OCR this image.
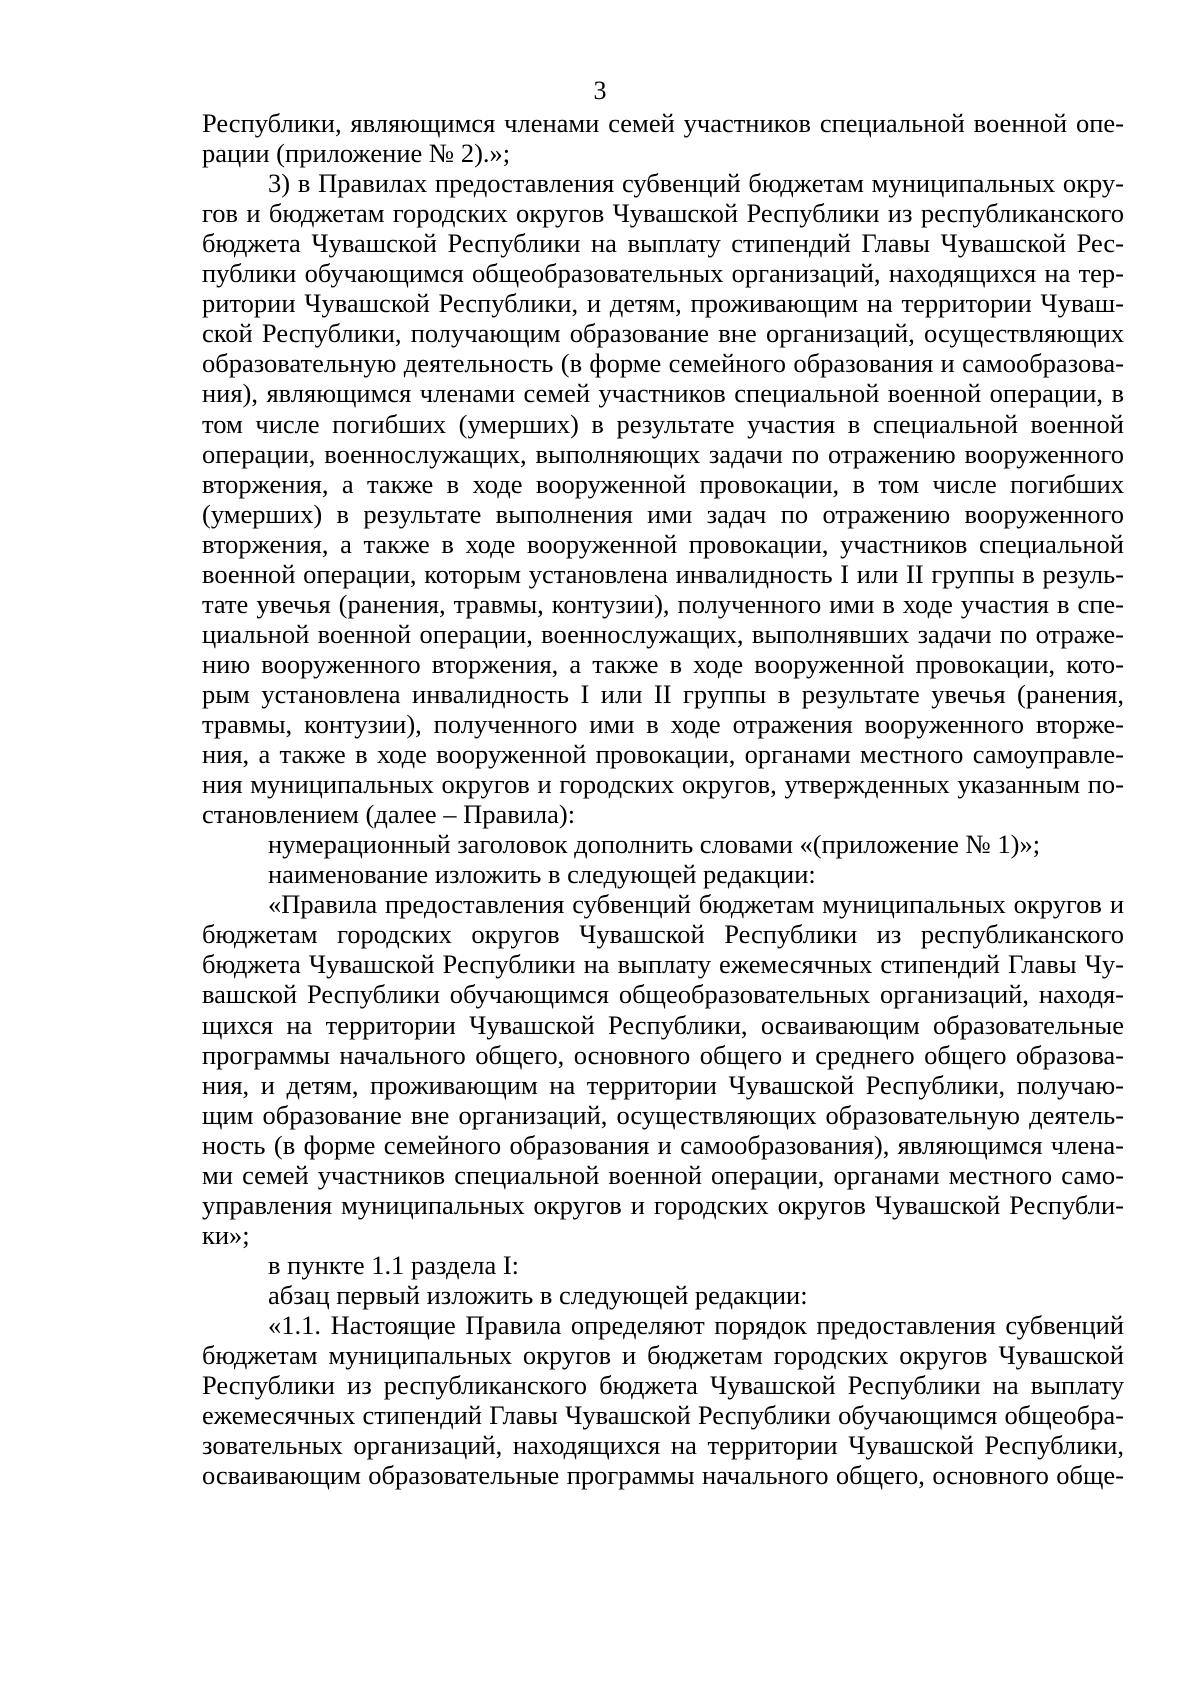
3
Республики, являющимся членами семей участников специальной военной опе-
рации (приложение № 2).»;
3) в Правилах предоставления субвенций бюджетам муниципальных окру-
гов и бюджетам городских округов Чувашской Республики из республиканского
бюджета Чувашской Республики на выплату стипендий Главы Чувашской Рес-
публики обучающимся общеобразовательных организаций, находящихся на тер-
ритории Чувашской Республики, и детям, проживающим на территории Чуваш-
ской Республики, получающим образование вне организаций, осуществляющих
образовательную деятельность (в форме семейного образования и самообразова-
ния), являющимся членами семей участников специальной военной операции, в
том числе погибших (умерших) в результате участия в специальной военной
операции, военнослужащих, выполняющих задачи по отражению вооруженного
вторжения, а также в ходе вооруженной провокации, в том числе погибших
(умерших) в результате выполнения ими задач по отражению вооруженного
вторжения, а также в ходе вооруженной провокации, участников специальной
военной операции, которым установлена инвалидность I или II группы в резуль-
тате увечья (ранения, травмы, контузии), полученного ими в ходе участия в спе-
циальной военной операции, военнослужащих, выполнявших задачи по отраже-
нию вооруженного вторжения, а также в ходе вооруженной провокации, кото-
рым установлена инвалидность I или II группы в результате увечья (ранения,
травмы, контузии), полученного ими в ходе отражения вооруженного вторже-
ния, а также в ходе вооруженной провокации, органами местного самоуправле-
ния муниципальных округов и городских округов, утвержденных указанным по-
становлением (далее – Правила):
нумерационный заголовок дополнить словами «(приложение № 1)»;
наименование изложить в следующей редакции:
«Правила предоставления субвенций бюджетам муниципальных округов и
бюджетам городских округов Чувашской Республики из республиканского
бюджета Чувашской Республики на выплату ежемесячных стипендий Главы Чу-
вашской Республики обучающимся общеобразовательных организаций, находя-
щихся на территории Чувашской Республики, осваивающим образовательные
программы начального общего, основного общего и среднего общего образова-
ния, и детям, проживающим на территории Чувашской Республики, получаю-
щим образование вне организаций, осуществляющих образовательную деятель-
ность (в форме семейного образования и самообразования), являющимся члена-
ми семей участников специальной военной операции, органами местного само-
управления муниципальных округов и городских округов Чувашской Республи-
ки»;
в пункте 1.1 раздела I:
абзац первый изложить в следующей редакции:
«1.1. Настоящие Правила определяют порядок предоставления субвенций
бюджетам муниципальных округов и бюджетам городских округов Чувашской
Республики из республиканского бюджета Чувашской Республики на выплату
ежемесячных стипендий Главы Чувашской Республики обучающимся общеобра-
зовательных организаций, находящихся на территории Чувашской Республики,
осваивающим образовательные программы начального общего, основного обще-
